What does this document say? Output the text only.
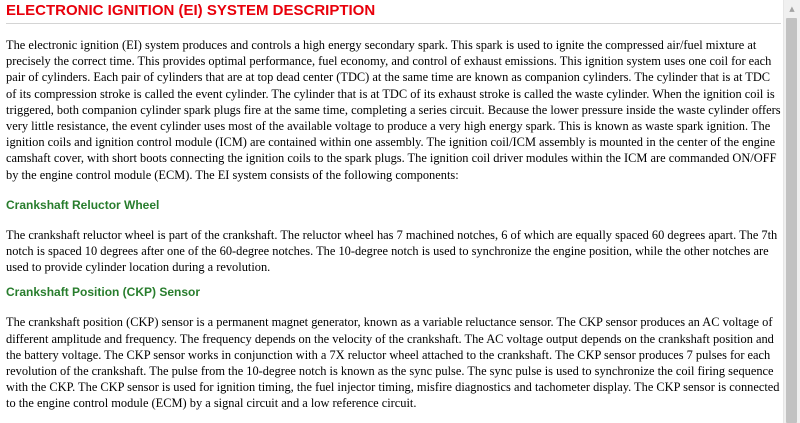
ELECTRONIC IGNITION (EI) SYSTEM DESCRIPTION

The electronic ignition (EI) system produces and controls a high energy secondary spark. This spark is used to ignite the compressed air/fuel mixture at precisely the correct time. This provides optimal performance, fuel economy, and control of exhaust emissions. This ignition system uses one coil for each pair of cylinders. Each pair of cylinders that are at top dead center (TDC) at the same time are known as companion cylinders. The cylinder that is at TDC of its compression stroke is called the event cylinder. The cylinder that is at TDC of its exhaust stroke is called the waste cylinder. When the ignition coil is triggered, both companion cylinder spark plugs fire at the same time, completing a series circuit. Because the lower pressure inside the waste cylinder offers very little resistance, the event cylinder uses most of the available voltage to produce a very high energy spark. This is known as waste spark ignition. The ignition coils and ignition control module (ICM) are contained within one assembly. The ignition coil/ICM assembly is mounted in the center of the engine camshaft cover, with short boots connecting the ignition coils to the spark plugs. The ignition coil driver modules within the ICM are commanded ON/OFF by the engine control module (ECM). The EI system consists of the following components:

Crankshaft Reluctor Wheel

The crankshaft reluctor wheel is part of the crankshaft. The reluctor wheel has 7 machined notches, 6 of which are equally spaced 60 degrees apart. The 7th notch is spaced 10 degrees after one of the 60-degree notches. The 10-degree notch is used to synchronize the engine position, while the other notches are used to provide cylinder location during a revolution.

Crankshaft Position (CKP) Sensor

The crankshaft position (CKP) sensor is a permanent magnet generator, known as a variable reluctance sensor. The CKP sensor produces an AC voltage of different amplitude and frequency. The frequency depends on the velocity of the crankshaft. The AC voltage output depends on the crankshaft position and the battery voltage. The CKP sensor works in conjunction with a 7X reluctor wheel attached to the crankshaft. The CKP sensor produces 7 pulses for each revolution of the crankshaft. The pulse from the 10-degree notch is known as the sync pulse. The sync pulse is used to synchronize the coil firing sequence with the CKP. The CKP sensor is used for ignition timing, the fuel injector timing, misfire diagnostics and tachometer display. The CKP sensor is connected to the engine control module (ECM) by a signal circuit and a low reference circuit.

▲
